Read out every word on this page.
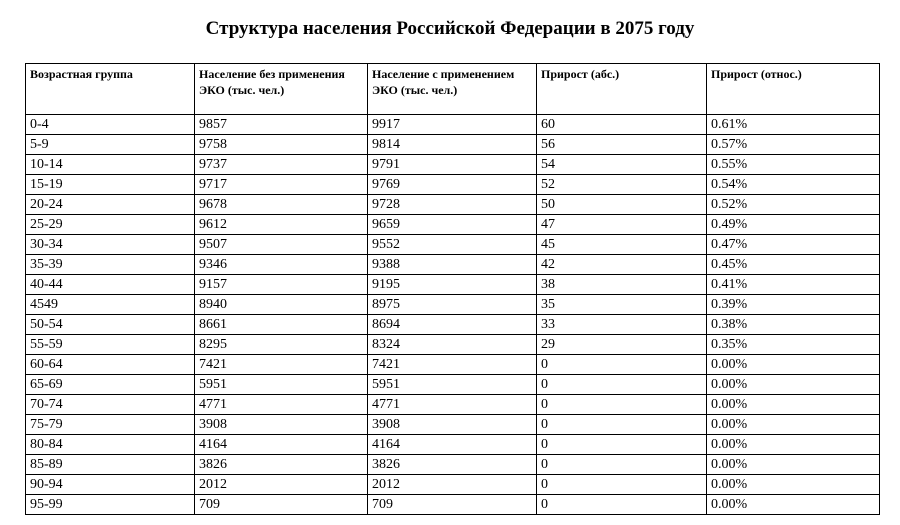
Структура населения Российской Федерации в 2075 году
Возрастная группа	Население без применения ЭКО (тыс. чел.)	Население с применением ЭКО (тыс. чел.)	Прирост (абс.)	Прирост (относ.)
0-4	9857	9917	60	0.61%
5-9	9758	9814	56	0.57%
10-14	9737	9791	54	0.55%
15-19	9717	9769	52	0.54%
20-24	9678	9728	50	0.52%
25-29	9612	9659	47	0.49%
30-34	9507	9552	45	0.47%
35-39	9346	9388	42	0.45%
40-44	9157	9195	38	0.41%
4549	8940	8975	35	0.39%
50-54	8661	8694	33	0.38%
55-59	8295	8324	29	0.35%
60-64	7421	7421	0	0.00%
65-69	5951	5951	0	0.00%
70-74	4771	4771	0	0.00%
75-79	3908	3908	0	0.00%
80-84	4164	4164	0	0.00%
85-89	3826	3826	0	0.00%
90-94	2012	2012	0	0.00%
95-99	709	709	0	0.00%
